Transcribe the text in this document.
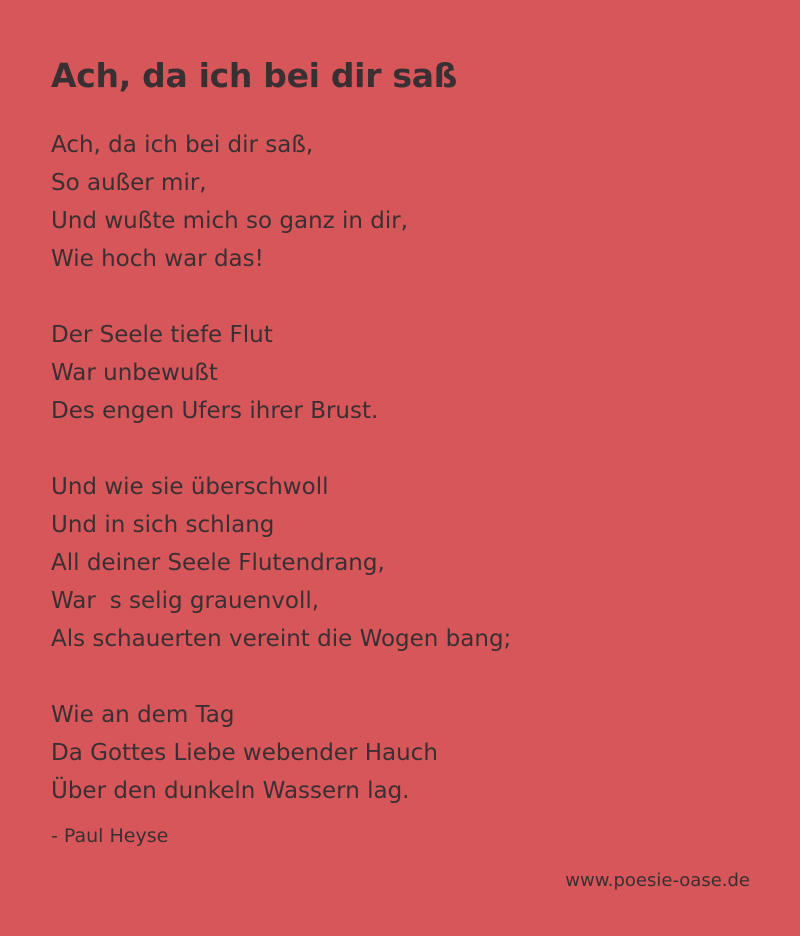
Ach, da ich bei dir saß
Ach, da ich bei dir saß,
So außer mir,
Und wußte mich so ganz in dir,
Wie hoch war das!
Der Seele tiefe Flut
War unbewußt
Des engen Ufers ihrer Brust.
Und wie sie überschwoll
Und in sich schlang
All deiner Seele Flutendrang,
Wars selig grauenvoll,
Als schauerten vereint die Wogen bang;
Wie an dem Tag
Da Gottes Liebe webender Hauch
Über den dunkeln Wassern lag.
- Paul Heyse
www.poesie-oase.de
